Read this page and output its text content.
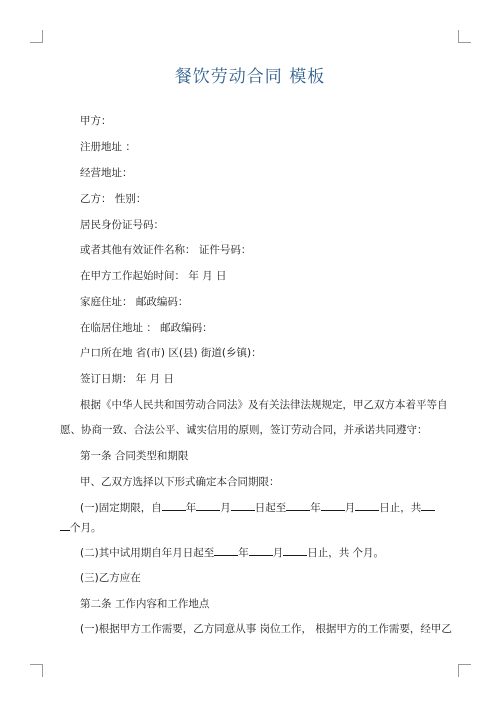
餐饮劳动合同 模板
甲方：
注册地址 ：
经营地址：
乙方： 性别：
居民身份证号码：
或者其他有效证件名称： 证件号码：
在甲方工作起始时间： 年 月 日
家庭住址： 邮政编码：
在临居住地址 ： 邮政编码：
户口所在地 省(市) 区(县) 街道(乡镇)：
签订日期： 年 月 日
根据《中华人民共和国劳动合同法》及有关法律法规规定，甲乙双方本着平等自
愿、协商一致、合法公平、诚实信用的原则，签订劳动合同，并承诺共同遵守：
第一条 合同类型和期限
甲、乙双方选择以下形式确定本合同期限：
(一)固定期限，自 年 月 日起至 年 月 日止，共
个月。
(二)其中试用期自年月日起至 年 月 日止，共 个月。
(三)乙方应在
第二条 工作内容和工作地点
(一)根据甲方工作需要，乙方同意从事 岗位工作， 根据甲方的工作需要，经甲乙
